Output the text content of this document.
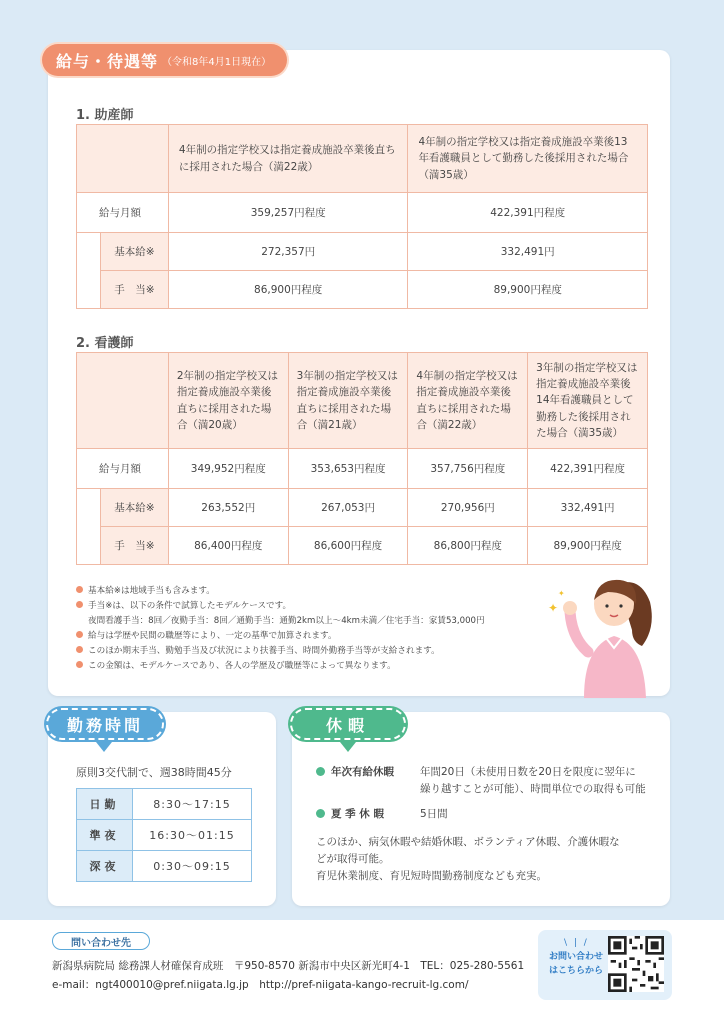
給与・待遇等 （令和8年4月1日現在）
1. 助産師
		4年制の指定学校又は指定養成施設卒業後直ちに採用された場合（満22歳）	4年制の指定学校又は指定養成施設卒業後13年看護職員として勤務した後採用された場合（満35歳）
給与月額		359,257円程度	422,391円程度
	基本給※	272,357円	332,491円
	手　当※	86,900円程度	89,900円程度
2. 看護師
		2年制の指定学校又は指定養成施設卒業後直ちに採用された場合（満20歳）	3年制の指定学校又は指定養成施設卒業後直ちに採用された場合（満21歳）	4年制の指定学校又は指定養成施設卒業後直ちに採用された場合（満22歳）	3年制の指定学校又は指定養成施設卒業後14年看護職員として勤務した後採用された場合（満35歳）
給与月額		349,952円程度	353,653円程度	357,756円程度	422,391円程度
	基本給※	263,552円	267,053円	270,956円	332,491円
	手　当※	86,400円程度	86,600円程度	86,800円程度	89,900円程度
基本給※は地域手当も含みます。
手当※は、以下の条件で試算したモデルケースです。
夜間看護手当：8回／夜勤手当：8回／通勤手当：通勤2km以上～4km未満／住宅手当：家賃53,000円
給与は学歴や民間の職歴等により、一定の基準で加算されます。
このほか期末手当、勤勉手当及び状況により扶養手当、時間外勤務手当等が支給されます。
この金額は、モデルケースであり、各人の学歴及び職歴等によって異なります。
✦
✦
勤務時間
原則3交代制で、週38時間45分
日勤	8:30〜17:15
準夜	16:30〜01:15
深夜	0:30〜09:15
休暇
年次有給休暇 年間20日（未使用日数を20日を限度に翌年に
繰り越すことが可能）、時間単位での取得も可能
夏 季 休 暇	5日間
このほか、病気休暇や結婚休暇、ボランティア休暇、介護休暇な
どが取得可能。
育児休業制度、育児短時間勤務制度なども充実。
問い合わせ先
新潟県病院局 総務課人材確保育成班　〒950-8570 新潟市中央区新光町4-1　TEL：025-280-5561
e-mail：ngt400010@pref.niigata.lg.jp　http://pref-niigata-kango-recruit-lg.com/
\ | /
お問い合わせ
はこちらから
